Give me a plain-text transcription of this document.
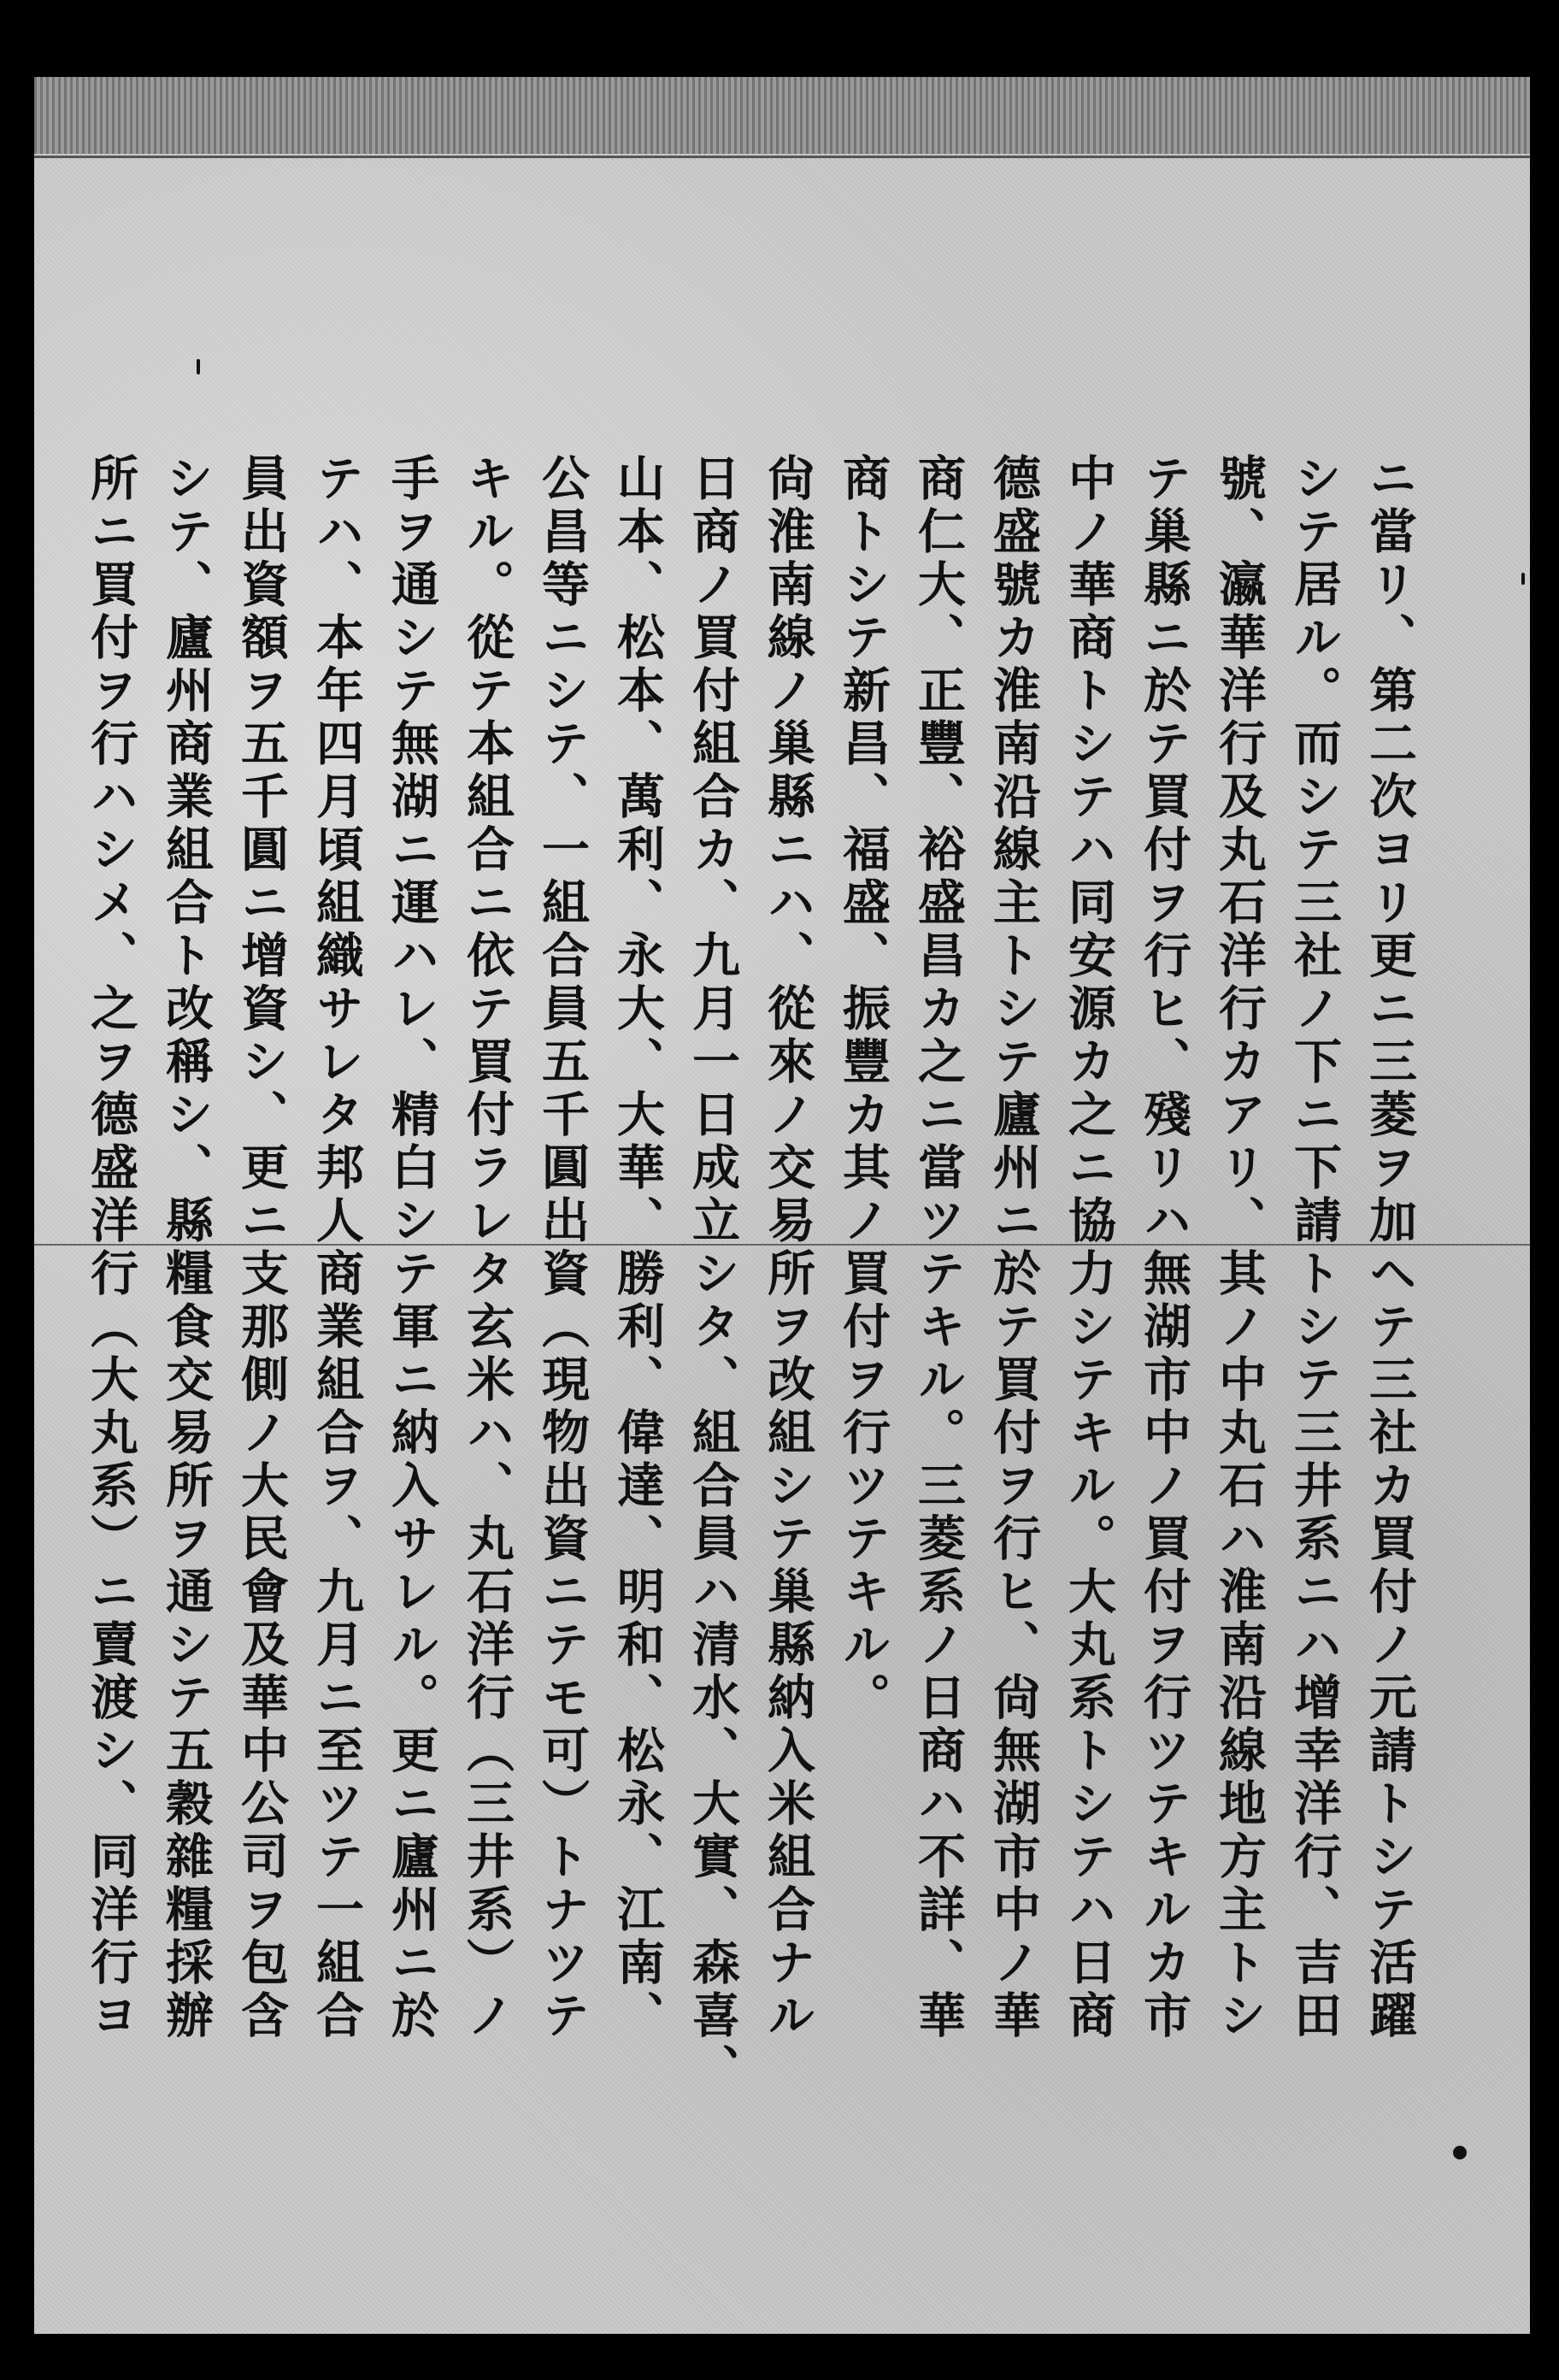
ニ當リ、第二次ヨリ更ニ三菱ヲ加ヘテ三社カ買付ノ元請トシテ活躍
シテ居ル。而シテ三社ノ下ニ下請トシテ三井系ニハ增幸洋行、吉田
號、瀛華洋行及丸石洋行カアリ、其ノ中丸石ハ淮南沿線地方主トシ
テ巢縣ニ於テ買付ヲ行ヒ、殘リハ無湖市中ノ買付ヲ行ツテキルカ市
中ノ華商トシテハ同安源カ之ニ協力シテキル。大丸系トシテハ日商
德盛號カ淮南沿線主トシテ廬州ニ於テ買付ヲ行ヒ、尙無湖市中ノ華
商仁大、正豐、裕盛昌カ之ニ當ツテキル。三菱系ノ日商ハ不詳、華
商トシテ新昌、福盛、振豐カ其ノ買付ヲ行ツテキル。
尙淮南線ノ巢縣ニハ、從來ノ交易所ヲ改組シテ巢縣納入米組合ナル
日商ノ買付組合カ、九月一日成立シタ、組合員ハ清水、大實、森喜、
山本、松本、萬利、永大、大華、勝利、偉達、明和、松永、江南、
公昌等ニシテ、一組合員五千圓出資（現物出資ニテモ可）トナツテ
キル。從テ本組合ニ依テ買付ラレタ玄米ハ、丸石洋行（三井系）ノ
手ヲ通シテ無湖ニ運ハレ、精白シテ軍ニ納入サレル。更ニ廬州ニ於
テハ、本年四月頃組織サレタ邦人商業組合ヲ、九月ニ至ツテ一組合
員出資額ヲ五千圓ニ增資シ、更ニ支那側ノ大民會及華中公司ヲ包含
シテ、廬州商業組合ト改稱シ、縣糧食交易所ヲ通シテ五穀雜糧採辦
所ニ買付ヲ行ハシメ、之ヲ德盛洋行（大丸系）ニ賣渡シ、同洋行ヨ
